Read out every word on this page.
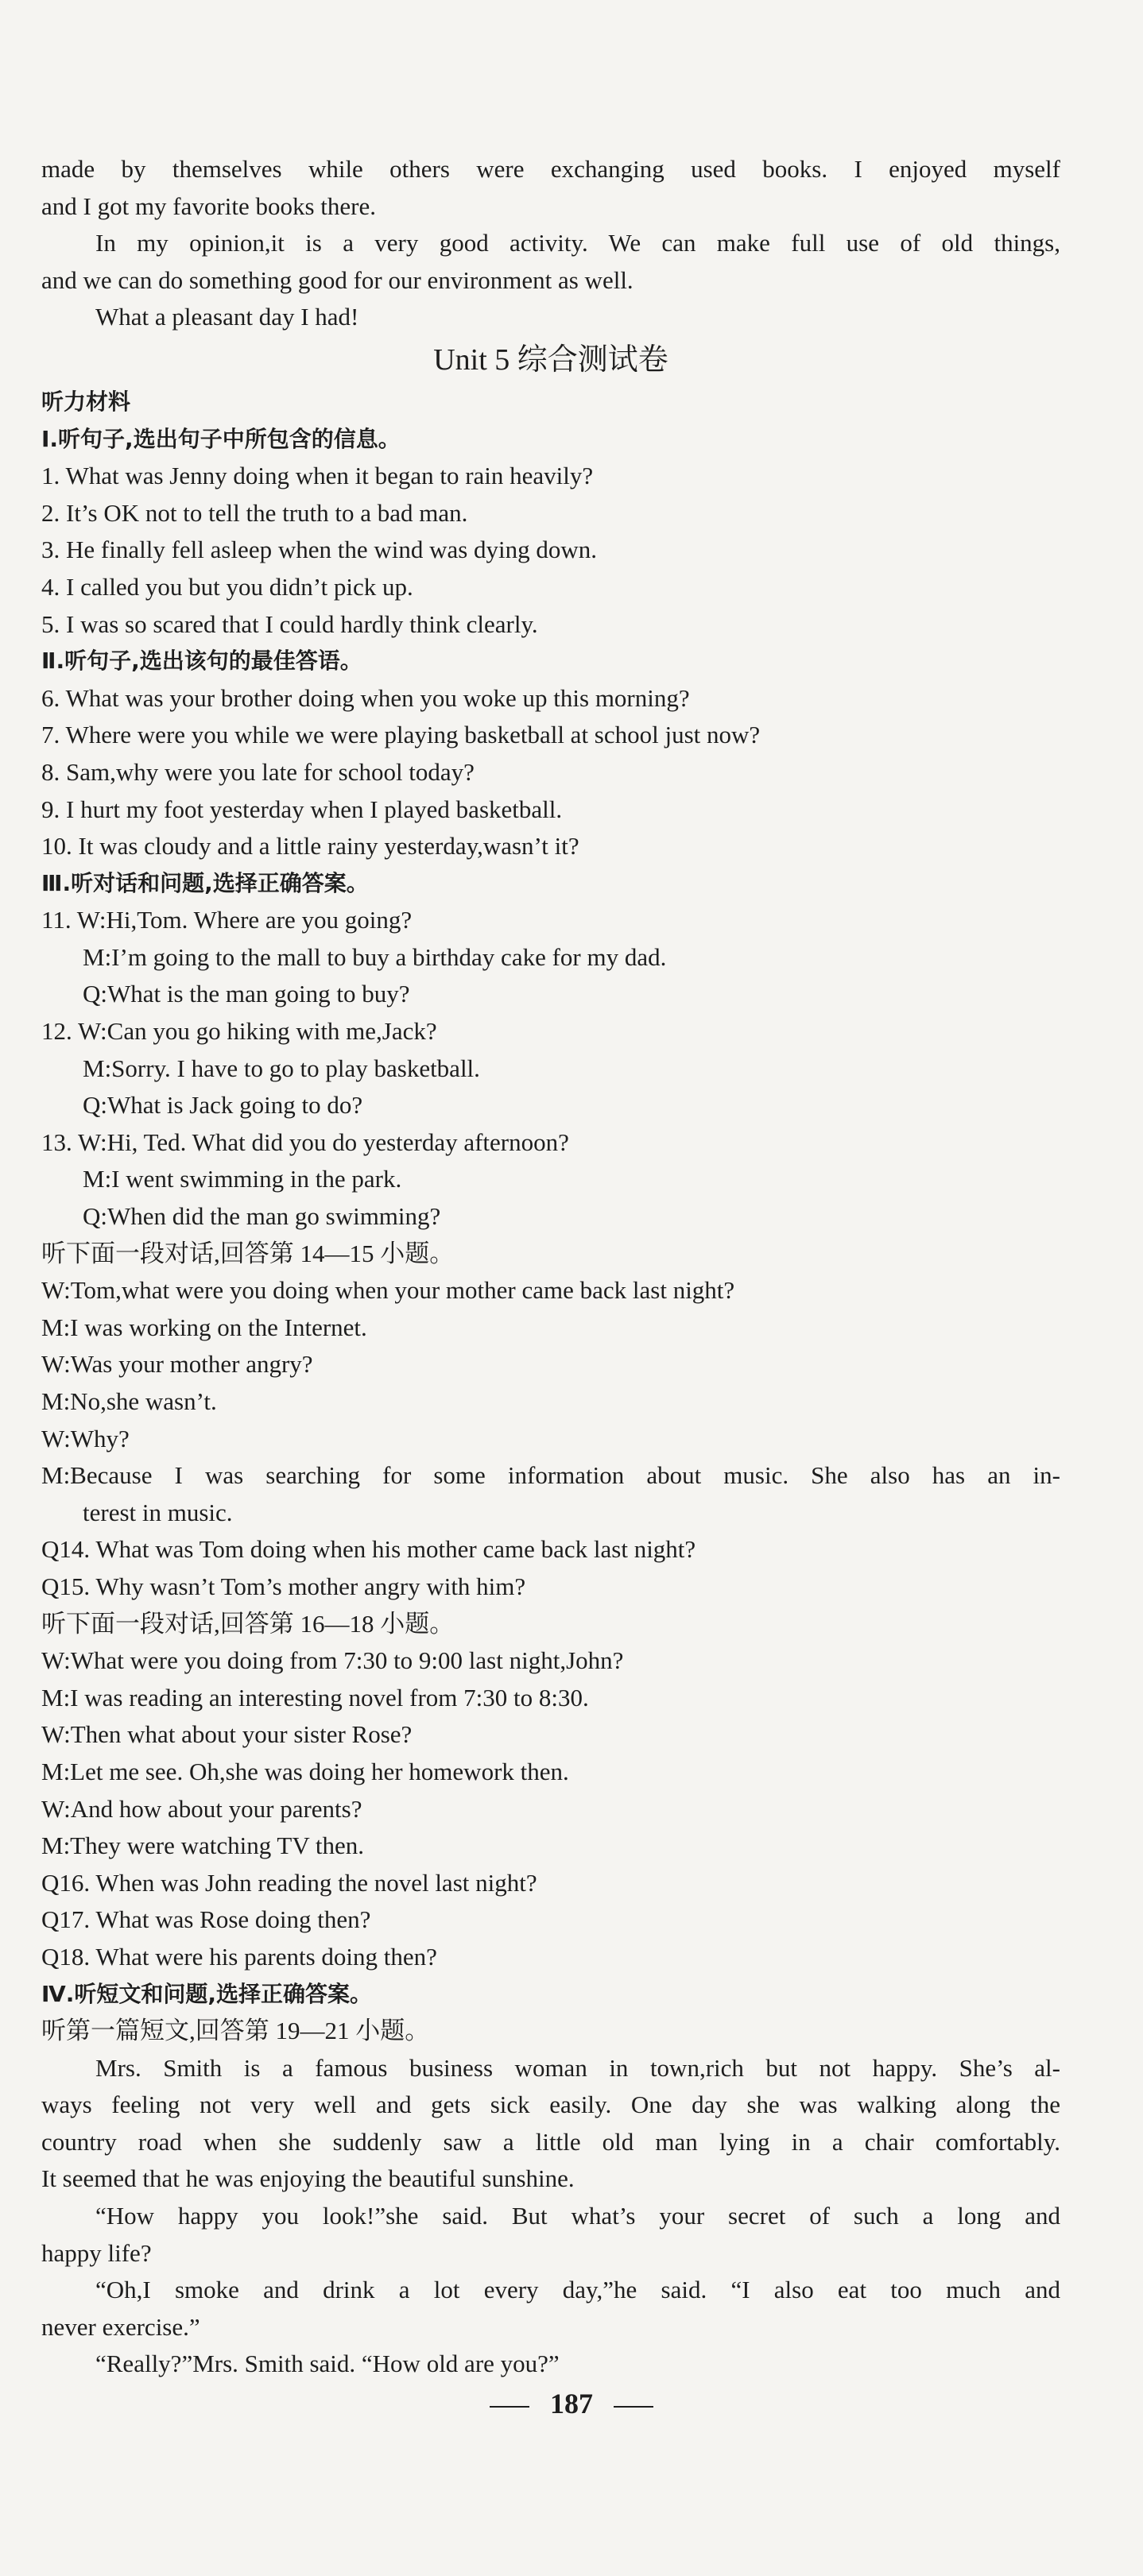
made by themselves while others were exchanging used books. I enjoyed myself
and I got my favorite books there.
In my opinion,it is a very good activity. We can make full use of old things,
and we can do something good for our environment as well.
What a pleasant day I had!
Unit 5 综合测试卷
听力材料
Ⅰ.听句子,选出句子中所包含的信息。
1. What was Jenny doing when it began to rain heavily?
2. It’s OK not to tell the truth to a bad man.
3. He finally fell asleep when the wind was dying down.
4. I called you but you didn’t pick up.
5. I was so scared that I could hardly think clearly.
Ⅱ.听句子,选出该句的最佳答语。
6. What was your brother doing when you woke up this morning?
7. Where were you while we were playing basketball at school just now?
8. Sam,why were you late for school today?
9. I hurt my foot yesterday when I played basketball.
10. It was cloudy and a little rainy yesterday,wasn’t it?
Ⅲ.听对话和问题,选择正确答案。
11. W:Hi,Tom. Where are you going?
M:I’m going to the mall to buy a birthday cake for my dad.
Q:What is the man going to buy?
12. W:Can you go hiking with me,Jack?
M:Sorry. I have to go to play basketball.
Q:What is Jack going to do?
13. W:Hi, Ted. What did you do yesterday afternoon?
M:I went swimming in the park.
Q:When did the man go swimming?
听下面一段对话,回答第 14—15 小题。
W:Tom,what were you doing when your mother came back last night?
M:I was working on the Internet.
W:Was your mother angry?
M:No,she wasn’t.
W:Why?
M:Because I was searching for some information about music. She also has an in-
terest in music.
Q14. What was Tom doing when his mother came back last night?
Q15. Why wasn’t Tom’s mother angry with him?
听下面一段对话,回答第 16—18 小题。
W:What were you doing from 7:30 to 9:00 last night,John?
M:I was reading an interesting novel from 7:30 to 8:30.
W:Then what about your sister Rose?
M:Let me see. Oh,she was doing her homework then.
W:And how about your parents?
M:They were watching TV then.
Q16. When was John reading the novel last night?
Q17. What was Rose doing then?
Q18. What were his parents doing then?
Ⅳ.听短文和问题,选择正确答案。
听第一篇短文,回答第 19—21 小题。
Mrs. Smith is a famous business woman in town,rich but not happy. She’s al-
ways feeling not very well and gets sick easily. One day she was walking along the
country road when she suddenly saw a little old man lying in a chair comfortably.
It seemed that he was enjoying the beautiful sunshine.
“How happy you look!”she said. But what’s your secret of such a long and
happy life?
“Oh,I smoke and drink a lot every day,”he said. “I also eat too much and
never exercise.”
“Really?”Mrs. Smith said. “How old are you?”
187
